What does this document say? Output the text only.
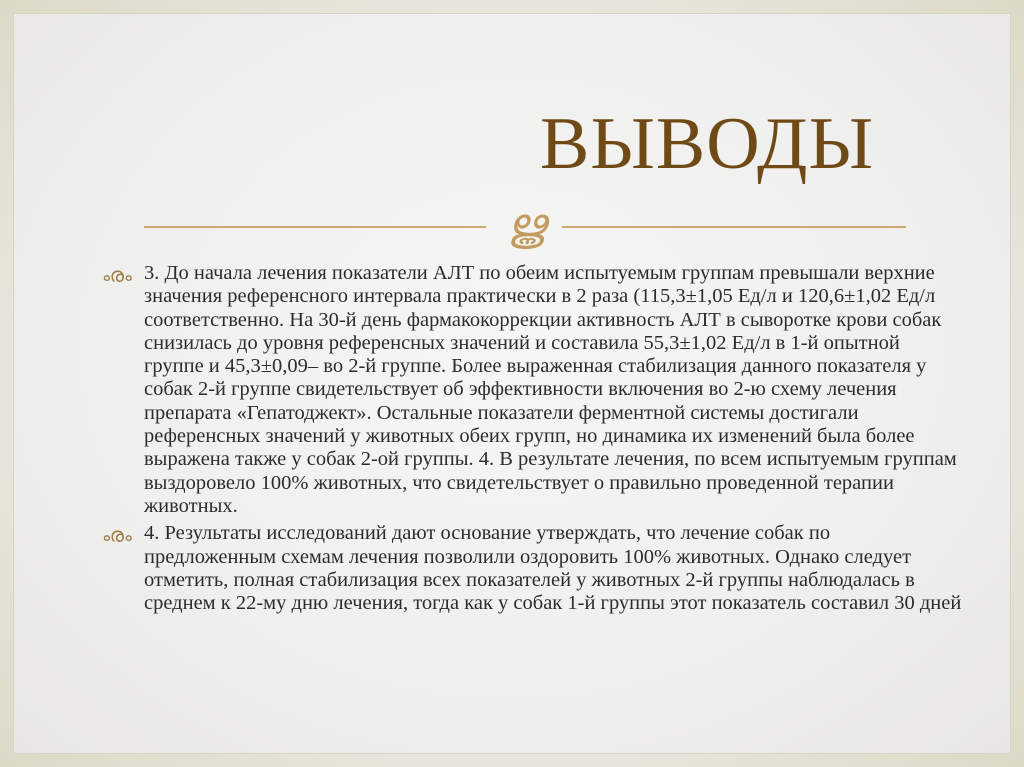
ВЫВОДЫ
ൠ
ൟ 3. До начала лечения показатели АЛТ по обеим испытуемым группам превышали верхние значения референсного интервала практически в 2 раза (115,3±1,05 Ед/л и 120,6±1,02 Ед/л соответственно. На 30-й день фармакокоррекции активность АЛТ в сыворотке крови собак снизилась до уровня референсных значений и составила 55,3±1,02 Ед/л в 1-й опытной группе и 45,3±0,09– во 2-й группе. Более выраженная стабилизация данного показателя у собак 2-й группе свидетельствует об эффективности включения во 2-ю схему лечения препарата «Гепатоджект». Остальные показатели ферментной системы достигали референсных значений у животных обеих групп, но динамика их изменений была более выражена также у собак 2-ой группы. 4. В результате лечения, по всем испытуемым группам выздоровело 100% животных, что свидетельствует о правильно проведенной терапии животных.
ൟ 4. Результаты исследований дают основание утверждать, что лечение собак по предложенным схемам лечения позволили оздоровить 100% животных. Однако следует отметить, полная стабилизация всех показателей у животных 2-й группы наблюдалась в среднем к 22-му дню лечения, тогда как у собак 1-й группы этот показатель составил 30 дней
